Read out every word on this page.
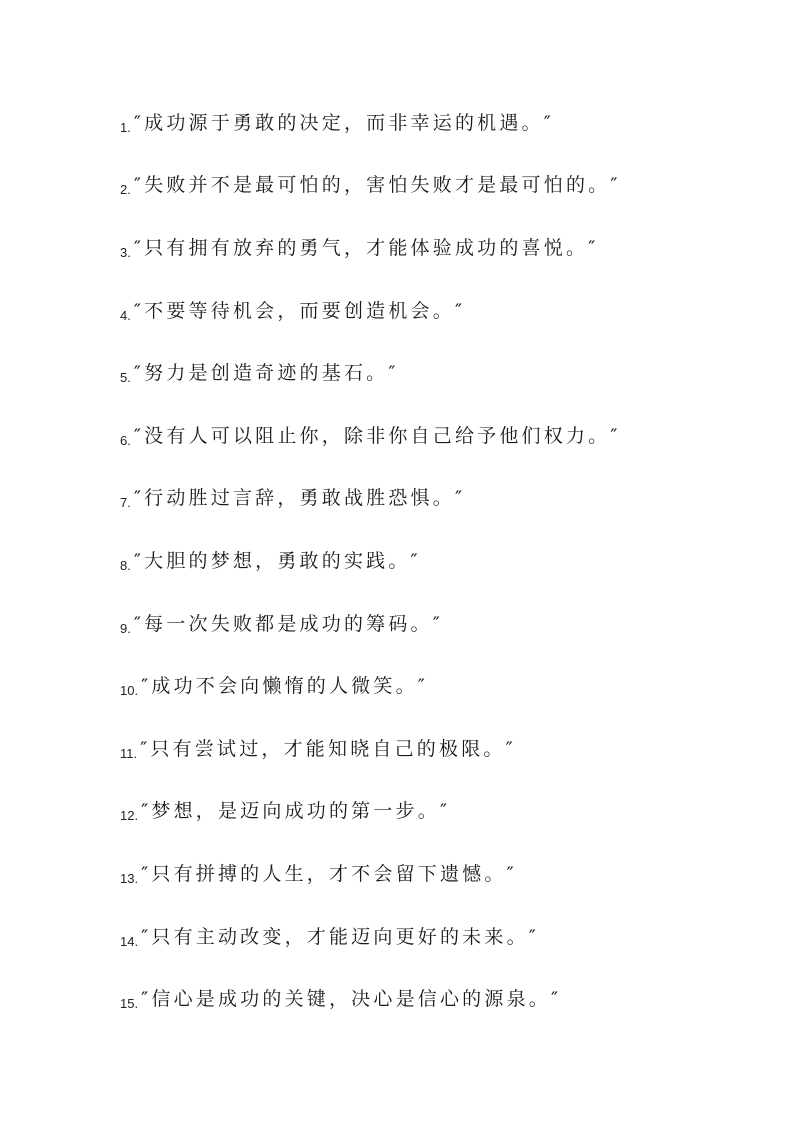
1. ″成功源于勇敢的决定，而非幸运的机遇。″
2. ″失败并不是最可怕的，害怕失败才是最可怕的。″
3. ″只有拥有放弃的勇气，才能体验成功的喜悦。″
4. ″不要等待机会，而要创造机会。″
5. ″努力是创造奇迹的基石。″
6. ″没有人可以阻止你，除非你自己给予他们权力。″
7. ″行动胜过言辞，勇敢战胜恐惧。″
8. ″大胆的梦想，勇敢的实践。″
9. ″每一次失败都是成功的筹码。″
10. ″成功不会向懒惰的人微笑。″
11. ″只有尝试过，才能知晓自己的极限。″
12. ″梦想，是迈向成功的第一步。″
13. ″只有拼搏的人生，才不会留下遗憾。″
14. ″只有主动改变，才能迈向更好的未来。″
15. ″信心是成功的关键，决心是信心的源泉。″
